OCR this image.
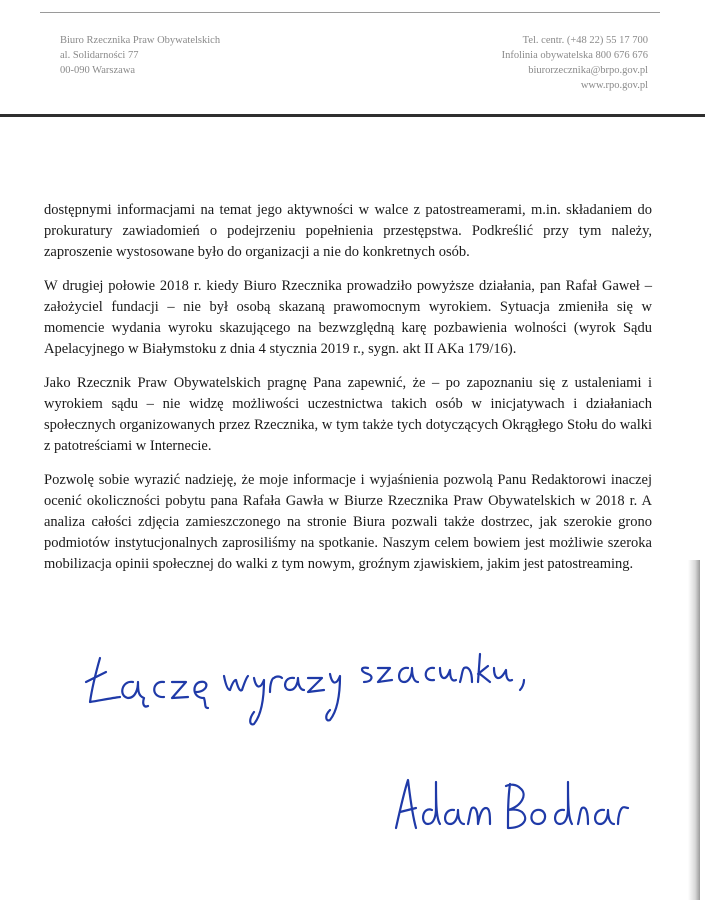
Biuro Rzecznika Praw Obywatelskich
al. Solidarności 77
00-090 Warszawa
Tel. centr. (+48 22) 55 17 700
Infolinia obywatelska 800 676 676
biurorzecznika@brpo.gov.pl
www.rpo.gov.pl

dostępnymi informacjami na temat jego aktywności w walce z patostreamerami, m.in. składaniem do prokuratury zawiadomień o podejrzeniu popełnienia przestępstwa. Podkreślić przy tym należy, zaproszenie wystosowane było do organizacji a nie do konkretnych osób.

W drugiej połowie 2018 r. kiedy Biuro Rzecznika prowadziło powyższe działania, pan Rafał Gaweł – założyciel fundacji – nie był osobą skazaną prawomocnym wyrokiem. Sytuacja zmieniła się w momencie wydania wyroku skazującego na bezwzględną karę pozbawienia wolności (wyrok Sądu Apelacyjnego w Białymstoku z dnia 4 stycznia 2019 r., sygn. akt II AKa 179/16).

Jako Rzecznik Praw Obywatelskich pragnę Pana zapewnić, że – po zapoznaniu się z ustaleniami i wyrokiem sądu – nie widzę możliwości uczestnictwa takich osób w inicjatywach i działaniach społecznych organizowanych przez Rzecznika, w tym także tych dotyczących Okrągłego Stołu do walki z patotreściami w Internecie.

Pozwolę sobie wyrazić nadzieję, że moje informacje i wyjaśnienia pozwolą Panu Redaktorowi inaczej ocenić okoliczności pobytu pana Rafała Gawła w Biurze Rzecznika Praw Obywatelskich w 2018 r. A analiza całości zdjęcia zamieszczonego na stronie Biura pozwali także dostrzec, jak szerokie grono podmiotów instytucjonalnych zaprosiliśmy na spotkanie. Naszym celem bowiem jest możliwie szeroka mobilizacja opinii społecznej do walki z tym nowym, groźnym zjawiskiem, jakim jest patostreaming.
